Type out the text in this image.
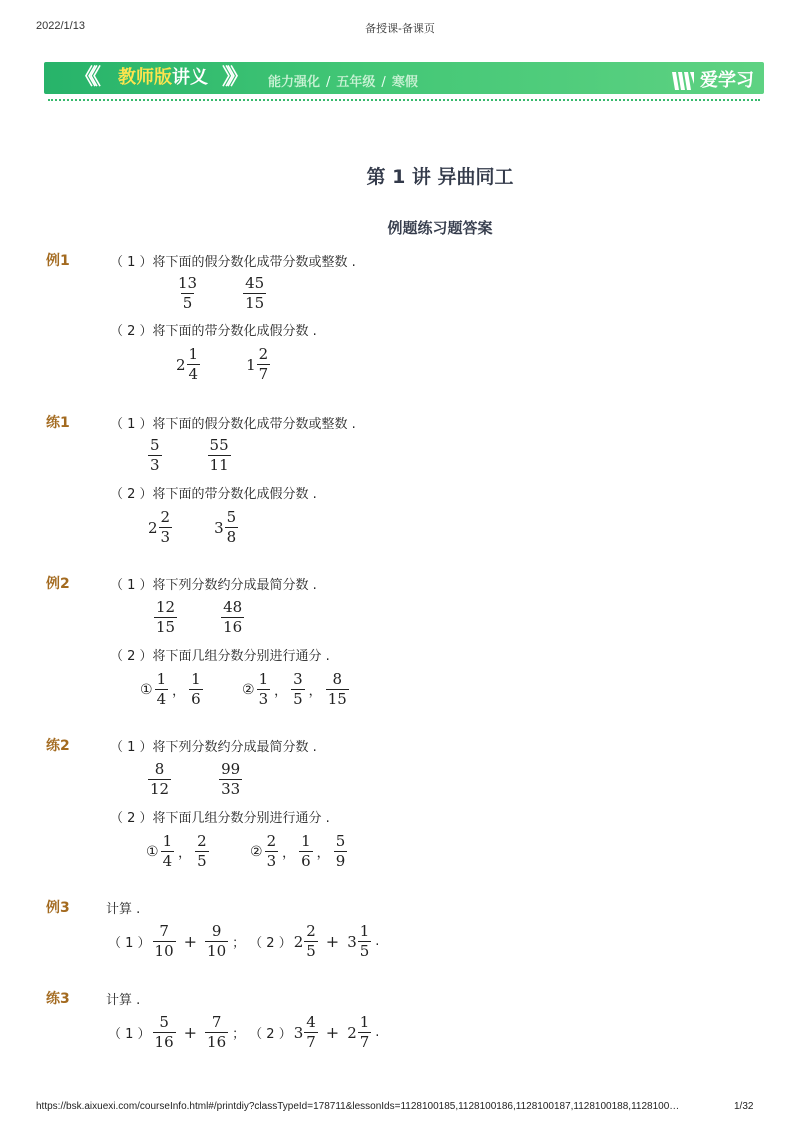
2022/1/13	备授课-备课页
《《 教师版讲义 》》 能力强化 / 五年级 / 寒假	爱学习
第 1 讲 异曲同工
例题练习题答案
例1	（ 1 ）将下面的假分数化成带分数或整数 .
$\frac{13}{5}$	$\frac{45}{15}$
（ 2 ）将下面的带分数化成假分数 .
$2 \frac{1}{4}$	$1 \frac{2}{7}$
练1	（ 1 ）将下面的假分数化成带分数或整数 .
$\frac{5}{3}$	$\frac{55}{11}$
（ 2 ）将下面的带分数化成假分数 .
$2 \frac{2}{3}$	$3 \frac{5}{8}$
例2	（ 1 ）将下列分数约分成最简分数 .
$\frac{12}{15}$	$\frac{48}{16}$
（ 2 ）将下面几组分数分别进行通分 .
① $\frac{1}{4}$ ， $\frac{1}{6}$	② $\frac{1}{3}$ ， $\frac{3}{5}$ ， $\frac{8}{15}$
练2	（ 1 ）将下列分数约分成最简分数 .
$\frac{8}{12}$	$\frac{99}{33}$
（ 2 ）将下面几组分数分别进行通分 .
① $\frac{1}{4}$ ， $\frac{2}{5}$	② $\frac{2}{3}$ ， $\frac{1}{6}$ ， $\frac{5}{9}$
例3	计算 .
（ 1 ） $\frac{7}{10} + \frac{9}{10}$ ； （ 2 ） $2 \frac{2}{5} + 3 \frac{1}{5}$ .
练3	计算 .
（ 1 ） $\frac{5}{16} + \frac{7}{16}$ ； （ 2 ） $3 \frac{4}{7} + 2 \frac{1}{7}$ .
https://bsk.aixuexi.com/courseInfo.html#/printdiy?classTypeId=178711&lessonIds=1128100185,1128100186,1128100187,1128100188,1128100…	1/32
